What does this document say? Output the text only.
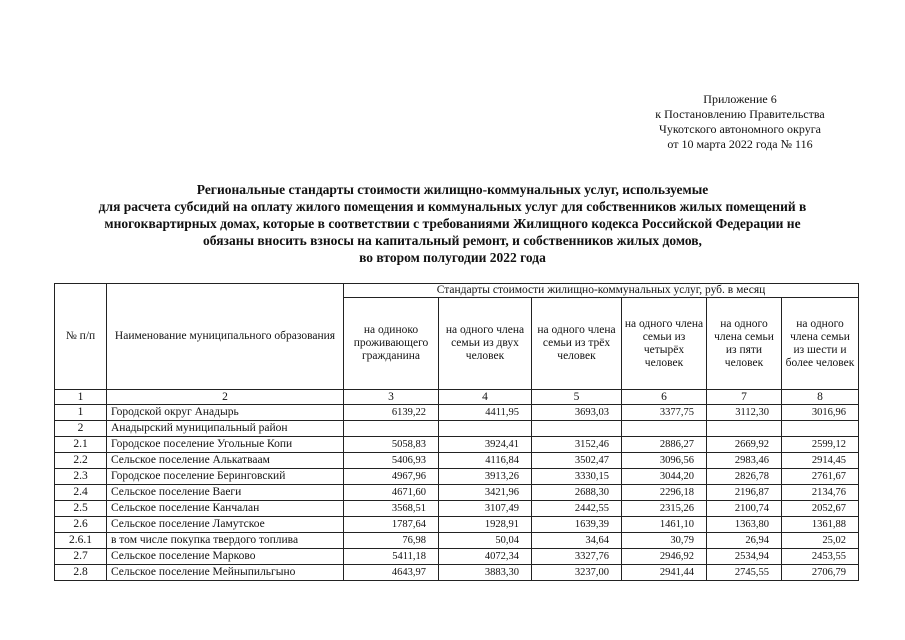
Приложение 6
к Постановлению Правительства
Чукотского автономного округа
от 10 марта 2022 года № 116
Региональные стандарты стоимости жилищно-коммунальных услуг, используемые
для расчета субсидий на оплату жилого помещения и коммунальных услуг для собственников жилых помещений в
многоквартирных домах, которые в соответствии с требованиями Жилищного кодекса Российской Федерации не
обязаны вносить взносы на капитальный ремонт, и собственников жилых домов,
во втором полугодии 2022 года
№ п/п	Наименование муниципального образования	Стандарты стоимости жилищно-коммунальных услуг, руб. в месяц					
		на одиноко проживающего гражданина	на одного члена семьи из двух человек	на одного члена семьи из трёх человек	на одного члена семьи из четырёх человек	на одного члена семьи из пяти человек	на одного члена семьи из шести и более человек
1	2	3	4	5	6	7	8
1	Городской округ Анадырь	6139,22	4411,95	3693,03	3377,75	3112,30	3016,96
2	Анадырский муниципальный район						
2.1	Городское поселение Угольные Копи	5058,83	3924,41	3152,46	2886,27	2669,92	2599,12
2.2	Сельское поселение Алькатваам	5406,93	4116,84	3502,47	3096,56	2983,46	2914,45
2.3	Городское поселение Беринговский	4967,96	3913,26	3330,15	3044,20	2826,78	2761,67
2.4	Сельское поселение Ваеги	4671,60	3421,96	2688,30	2296,18	2196,87	2134,76
2.5	Сельское поселение Канчалан	3568,51	3107,49	2442,55	2315,26	2100,74	2052,67
2.6	Сельское поселение Ламутское	1787,64	1928,91	1639,39	1461,10	1363,80	1361,88
2.6.1	в том числе покупка твердого топлива	76,98	50,04	34,64	30,79	26,94	25,02
2.7	Сельское поселение Марково	5411,18	4072,34	3327,76	2946,92	2534,94	2453,55
2.8	Сельское поселение Мейныпильгыно	4643,97	3883,30	3237,00	2941,44	2745,55	2706,79
